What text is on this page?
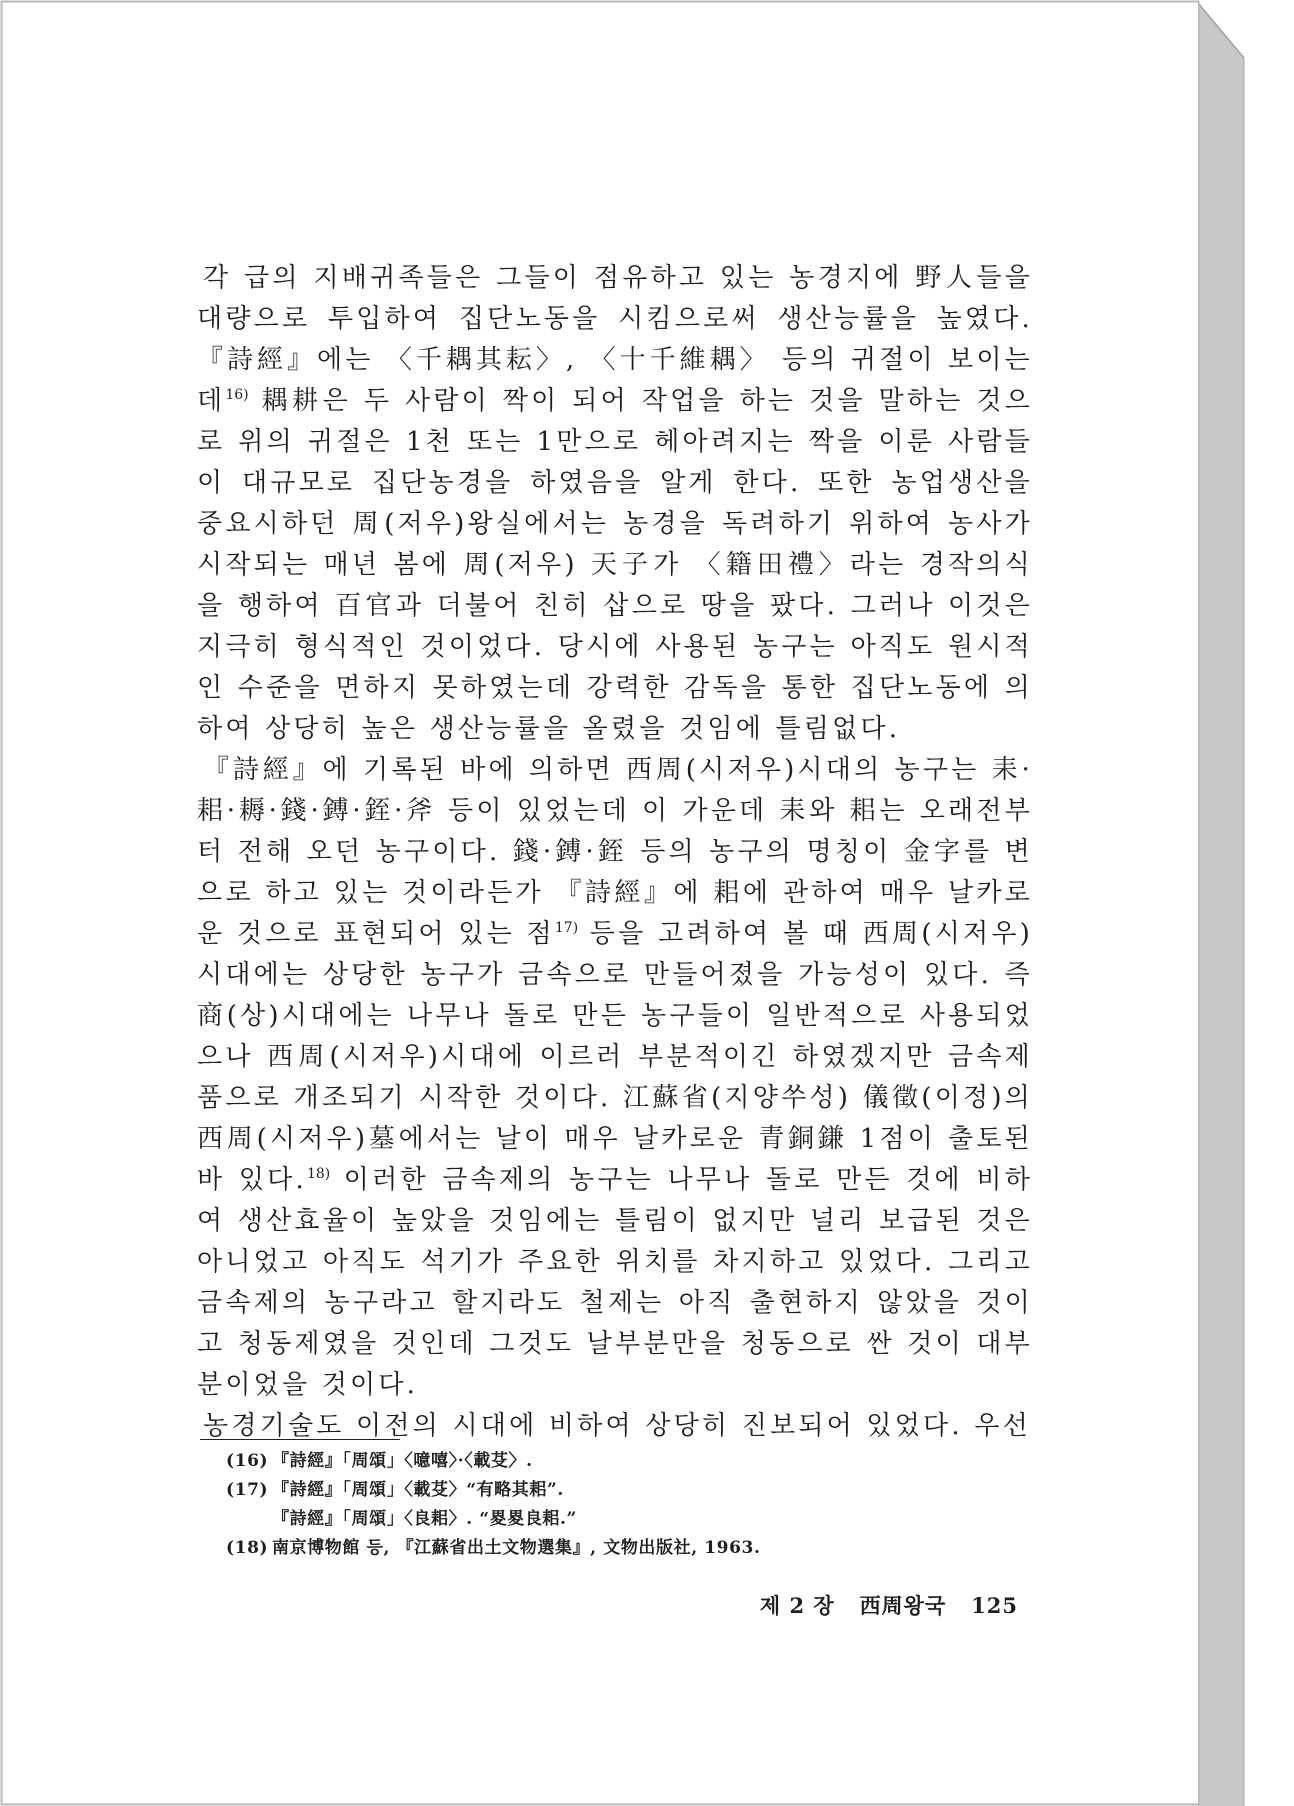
각 급의 지배귀족들은 그들이 점유하고 있는 농경지에 野人들을 대량으로 투입하여 집단노동을 시킴으로써 생산능률을 높였다. 『詩經』에는 〈千耦其耘〉, 〈十千維耦〉 등의 귀절이 보이는데$^{16)}$ 耦耕은 두 사람이 짝이 되어 작업을 하는 것을 말하는 것으로 위의 귀절은 1천 또는 1만으로 헤아려지는 짝을 이룬 사람들이 대규모로 집단농경을 하였음을 알게 한다. 또한 농업생산을 중요시하던 周(저우)왕실에서는 농경을 독려하기 위하여 농사가 시작되는 매년 봄에 周(저우) 天子가 〈籍田禮〉라는 경작의식을 행하여 百官과 더불어 친히 삽으로 땅을 팠다. 그러나 이것은 지극히 형식적인 것이었다. 당시에 사용된 농구는 아직도 원시적인 수준을 면하지 못하였는데 강력한 감독을 통한 집단노동에 의하여 상당히 높은 생산능률을 올렸을 것임에 틀림없다.

『詩經』에 기록된 바에 의하면 西周(시저우)시대의 농구는 耒·耜·耨·錢·鎛·銍·斧 등이 있었는데 이 가운데 耒와 耜는 오래전부터 전해 오던 농구이다. 錢·鎛·銍 등의 농구의 명칭이 金字를 변으로 하고 있는 것이라든가 『詩經』에 耜에 관하여 매우 날카로운 것으로 표현되어 있는 점$^{17)}$ 등을 고려하여 볼 때 西周(시저우)시대에는 상당한 농구가 금속으로 만들어졌을 가능성이 있다. 즉 商(상)시대에는 나무나 돌로 만든 농구들이 일반적으로 사용되었으나 西周(시저우)시대에 이르러 부분적이긴 하였겠지만 금속제품으로 개조되기 시작한 것이다. 江蘇省(지양쑤성) 儀徵(이정)의 西周(시저우)墓에서는 날이 매우 날카로운 青銅鎌 1점이 출토된 바 있다.$^{18)}$ 이러한 금속제의 농구는 나무나 돌로 만든 것에 비하여 생산효율이 높았을 것임에는 틀림이 없지만 널리 보급된 것은 아니었고 아직도 석기가 주요한 위치를 차지하고 있었다. 그리고 금속제의 농구라고 할지라도 철제는 아직 출현하지 않았을 것이고 청동제였을 것인데 그것도 날부분만을 청동으로 싼 것이 대부분이었을 것이다.

농경기술도 이전의 시대에 비하여 상당히 진보되어 있었다. 우선

(16) 『詩經』「周頌」〈噫嘻〉·〈載芟〉.
(17) 『詩經』「周頌」〈載芟〉“有略其耜”.
『詩經』「周頌」〈良耜〉. “畟畟良耜.”
(18) 南京博物館 등, 『江蘇省出土文物選集』, 文物出版社, 1963.
제 2 장 西周왕국 125
